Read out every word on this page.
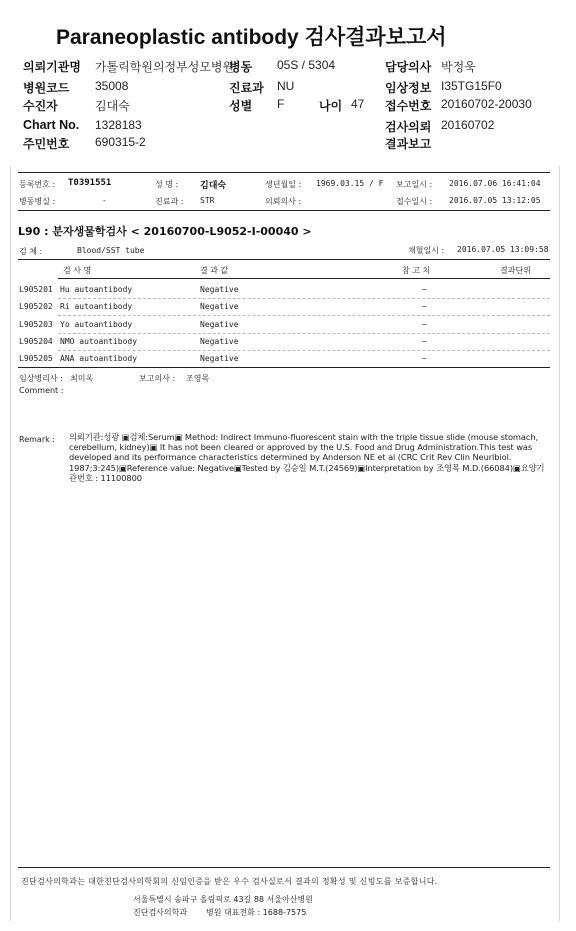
Paraneoplastic antibody 검사결과보고서
의뢰기관명 가톨릭학원의정부성모병원
병동 05S / 5304	담당의사 박정욱
병원코드 35008	진료과 NU	임상정보 I35TG15F0
수진자	김대숙	성별 F	나이 47 접수번호 20160702-20030
Chart No. 1328183	검사의뢰 20160702
주민번호 690315-2	결과보고
등록번호 : T0391551	성 명 : 김대숙	생년월일 : 1969.03.15 / F 보고일시 : 2016.07.06 16:41:04
병동병실 :	-	진료과 : STR	의뢰의사 :	접수일시 : 2016.07.05 13:12:05
L90 : 분자생물학검사 < 20160700-L9052-I-00040 >
검 체 :	Blood/SST tube	채혈일시 : 2016.07.05 13:09:58
검 사 명	결 과 값	참 고 치	결과단위
L905201 Hu autoantibody	Negative	~
L905202 Ri autoantibody	Negative	~
L905203 Yo autoantibody	Negative	~
L905204 NMO autoantibody	Negative	~
L905205 ANA autoantibody	Negative	~
임상병리사 : 최미옥	보고의사 : 조영목
Comment :
Remark : 의뢰기관:성광 ▣검체:Serum▣ Method: Indirect Immuno-fluorescent stain with the triple tissue slide (mouse stomach, cerebellum, kidney)▣ It has not been cleared or approved by the U.S. Food and Drug Administration.This test was developed and its performance characteristics determined by Anderson NE et al (CRC Crit Rev Clin Neurlbiol. 1987;3:245)▣Reference value: Negative▣Tested by 김승일 M.T.(24569)▣Interpretation by 조영목 M.D.(66084)▣요양기관번호 : 11100800
진단검사의학과는 대한진단검사의학회의 신임인증을 받은 우수 검사실로서 결과의 정확성 및 신빙도를 보증합니다.
서울특별시 송파구 올림픽로 43길 88 서울아산병원
진단검사의학과 병원 대표전화 : 1688-7575
